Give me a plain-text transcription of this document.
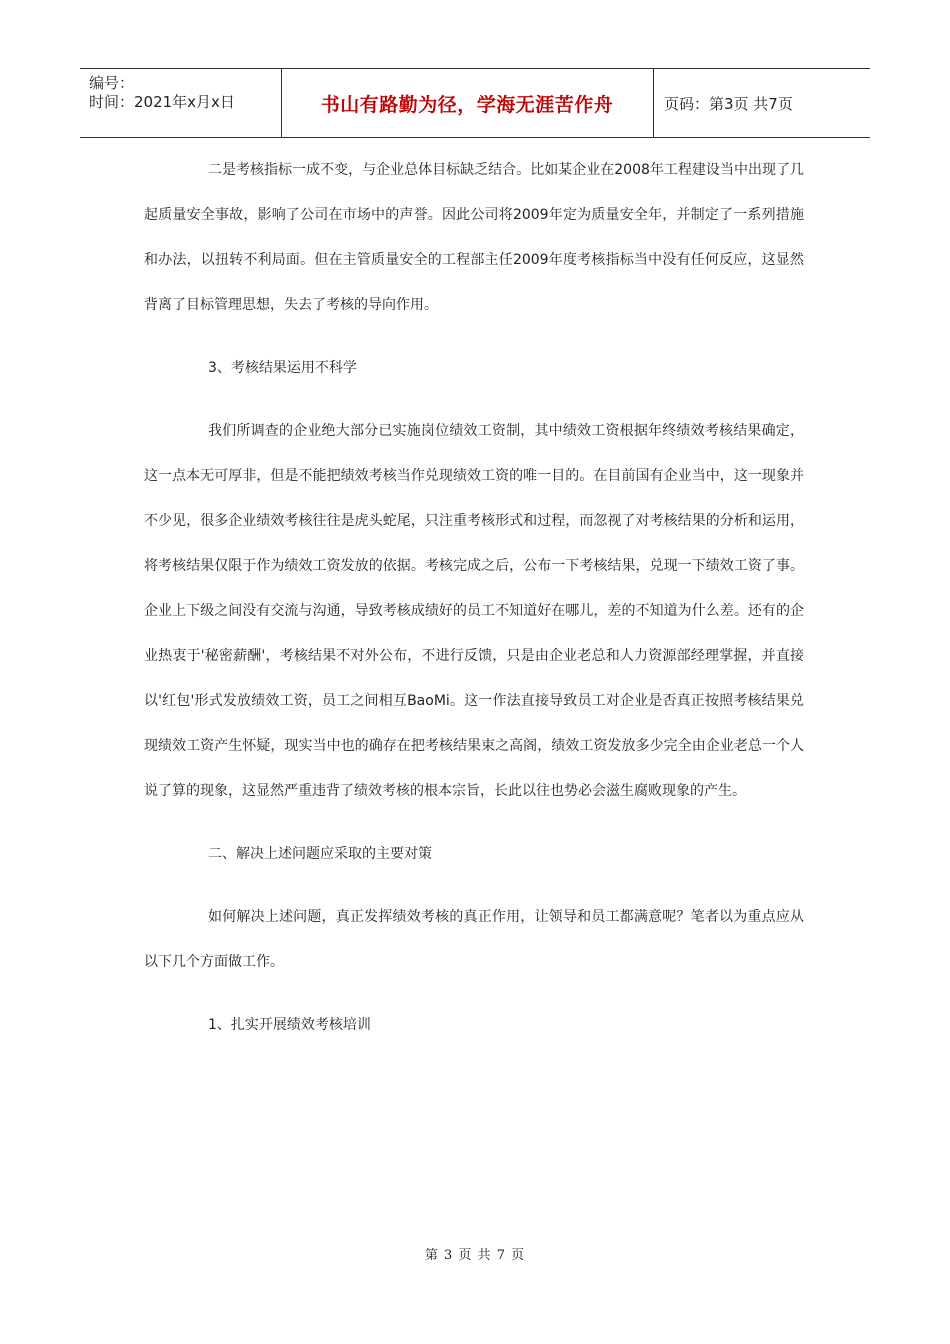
编号：
时间：2021年x月x日	书山有路勤为径，学海无涯苦作舟	页码：第3页 共7页

二是考核指标一成不变，与企业总体目标缺乏结合。比如某企业在2008年工程建设当中出现了几起质量安全事故，影响了公司在市场中的声誉。因此公司将2009年定为质量安全年，并制定了一系列措施和办法，以扭转不利局面。但在主管质量安全的工程部主任2009年度考核指标当中没有任何反应，这显然背离了目标管理思想，失去了考核的导向作用。

3、考核结果运用不科学

我们所调查的企业绝大部分已实施岗位绩效工资制，其中绩效工资根据年终绩效考核结果确定，这一点本无可厚非，但是不能把绩效考核当作兑现绩效工资的唯一目的。在目前国有企业当中，这一现象并不少见，很多企业绩效考核往往是虎头蛇尾，只注重考核形式和过程，而忽视了对考核结果的分析和运用，将考核结果仅限于作为绩效工资发放的依据。考核完成之后，公布一下考核结果，兑现一下绩效工资了事。企业上下级之间没有交流与沟通，导致考核成绩好的员工不知道好在哪儿，差的不知道为什么差。还有的企业热衷于'秘密薪酬'，考核结果不对外公布，不进行反馈，只是由企业老总和人力资源部经理掌握，并直接以'红包'形式发放绩效工资，员工之间相互BaoMi。这一作法直接导致员工对企业是否真正按照考核结果兑现绩效工资产生怀疑，现实当中也的确存在把考核结果束之高阁，绩效工资发放多少完全由企业老总一个人说了算的现象，这显然严重违背了绩效考核的根本宗旨，长此以往也势必会滋生腐败现象的产生。

二、解决上述问题应采取的主要对策

如何解决上述问题，真正发挥绩效考核的真正作用，让领导和员工都满意呢？笔者以为重点应从以下几个方面做工作。

1、扎实开展绩效考核培训

第 3 页 共 7 页
